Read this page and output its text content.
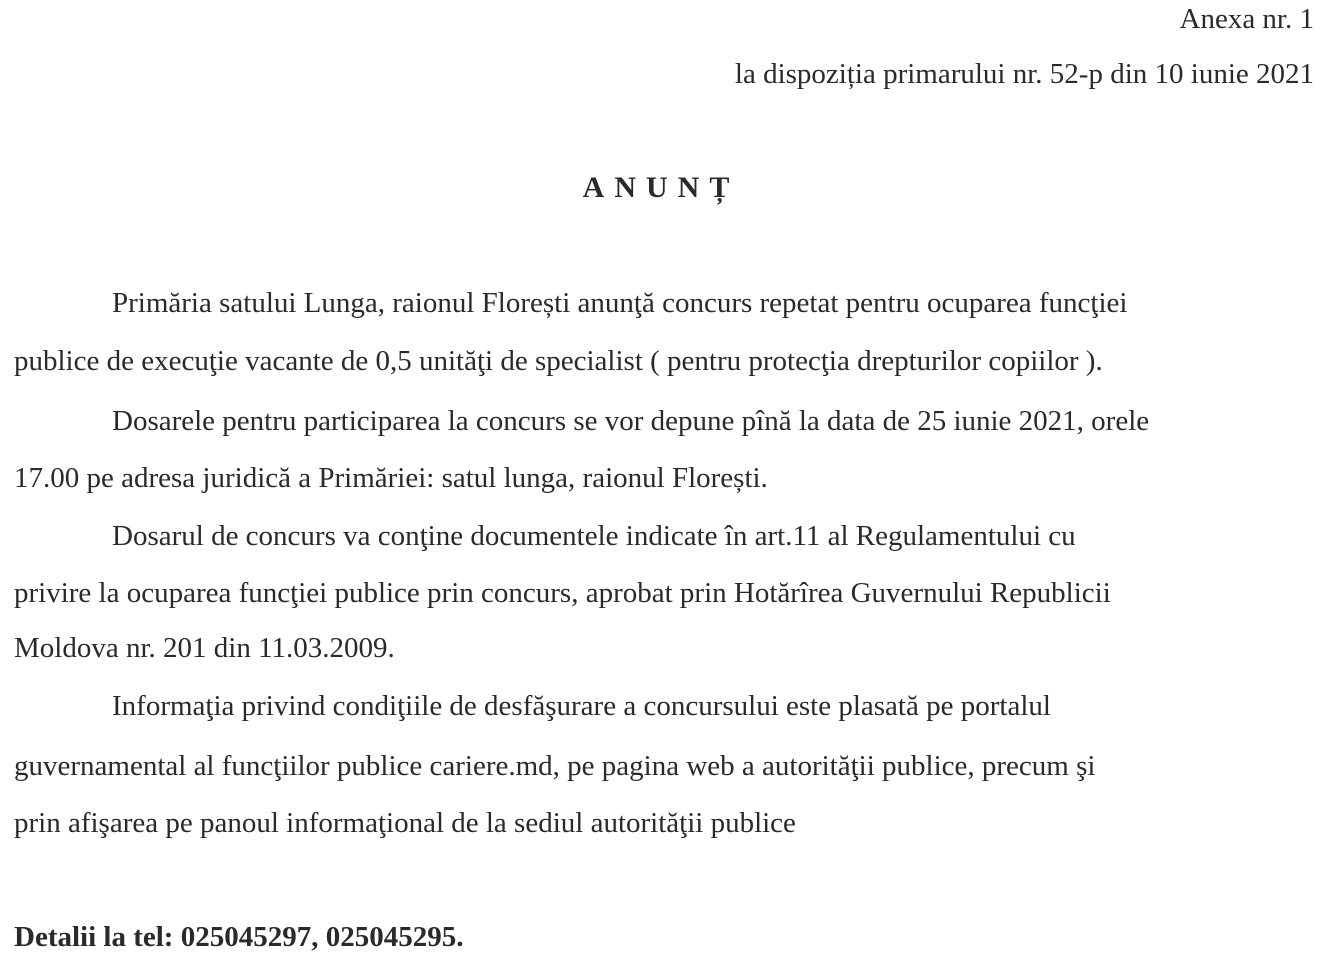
Anexa nr. 1
la dispoziția primarului nr. 52-p din 10 iunie 2021
ANUNȚ
Primăria satului Lunga, raionul Florești anunţă concurs repetat pentru ocuparea funcţiei
publice de execuţie vacante de 0,5 unităţi de specialist ( pentru protecţia drepturilor copiilor ).
Dosarele pentru participarea la concurs se vor depune pînă la data de 25 iunie 2021, orele
17.00 pe adresa juridică a Primăriei: satul lunga, raionul Florești.
Dosarul de concurs va conţine documentele indicate în art.11 al Regulamentului cu
privire la ocuparea funcţiei publice prin concurs, aprobat prin Hotărîrea Guvernului Republicii
Moldova nr. 201 din 11.03.2009.
Informaţia privind condiţiile de desfăşurare a concursului este plasată pe portalul
guvernamental al funcţiilor publice cariere.md, pe pagina web a autorităţii publice, precum şi
prin afişarea pe panoul informaţional de la sediul autorităţii publice
Detalii la tel: 025045297, 025045295.
